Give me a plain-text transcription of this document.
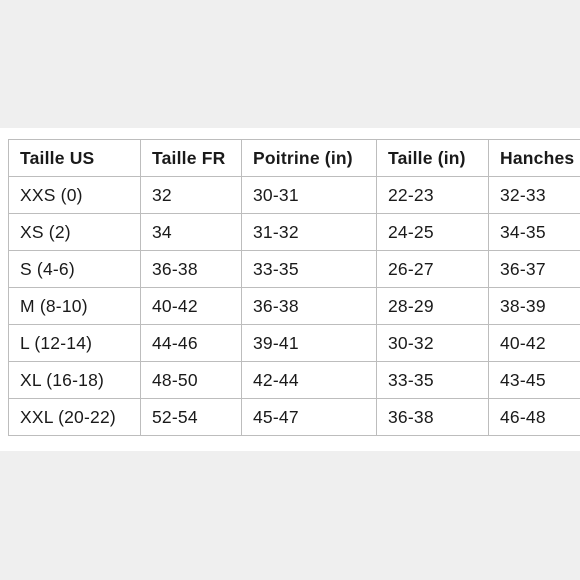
Taille US	Taille FR	Poitrine (in)	Taille (in)	Hanches
XXS (0)	32	30-31	22-23	32-33
XS (2)	34	31-32	24-25	34-35
S (4-6)	36-38	33-35	26-27	36-37
M (8-10)	40-42	36-38	28-29	38-39
L (12-14)	44-46	39-41	30-32	40-42
XL (16-18)	48-50	42-44	33-35	43-45
XXL (20-22)	52-54	45-47	36-38	46-48
